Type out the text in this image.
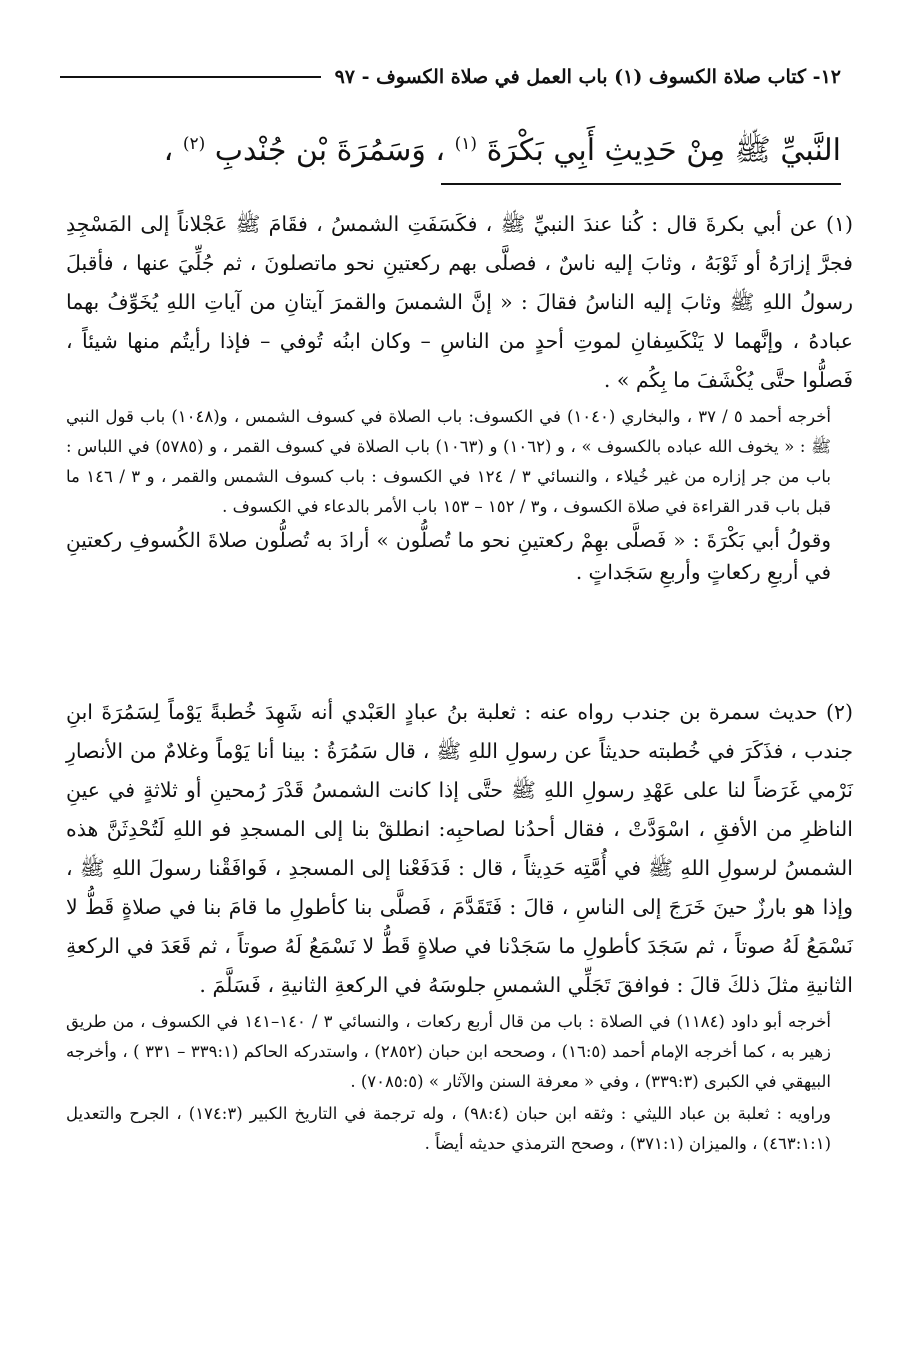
١٢- كتاب صلاة الكسوف (١) باب العمل في صلاة الكسوف - ٩٧
النَّبيِّ ﷺ مِنْ حَدِيثِ أَبِي بَكْرَةَ $^{(١)}$ ، وَسَمُرَةَ بْنِ جُنْدبٍ $^{(٢)}$ ،
(١) عن أبي بكرةَ قال : كُنا عندَ النبيِّ ﷺ ، فكَسَفَتِ الشمسُ ، فقَامَ ﷺ عَجْلاناً إلى المَسْجِدِ فجرَّ إزارَهُ أو ثَوْبَهُ ، وثابَ إليه ناسٌ ، فصلَّى بهم ركعتينِ نحو ماتصلونَ ، ثم جُلِّيَ عنها ، فأقبلَ رسولُ اللهِ ﷺ وثابَ إليه الناسُ فقالَ : « إنَّ الشمسَ والقمرَ آيتانِ من آياتِ اللهِ يُخَوِّفُ بهما عبادهُ ، وإنَّهما لا يَنْكَسِفانِ لموتِ أحدٍ من الناسِ – وكان ابنُه تُوفي – فإذا رأيتُم منها شيئاً ، فَصلُّوا حتَّى يُكْشَفَ ما بِكُم » .
أخرجه أحمد ٥ / ٣٧ ، والبخاري (١٠٤٠) في الكسوف: باب الصلاة في كسوف الشمس ، و(١٠٤٨) باب قول النبي ﷺ : « يخوف الله عباده بالكسوف » ، و (١٠٦٢) و (١٠٦٣) باب الصلاة في كسوف القمر ، و (٥٧٨٥) في اللباس : باب من جر إزاره من غير خُيلاء ، والنسائي ٣ / ١٢٤ في الكسوف : باب كسوف الشمس والقمر ، و ٣ / ١٤٦ ما قبل باب قدر القراءة في صلاة الكسوف ، و٣ / ١٥٢ – ١٥٣ باب الأمر بالدعاء في الكسوف .
وقولُ أبي بَكْرَةَ : « فَصلَّى بهِمْ ركعتينِ نحو ما تُصلُّون » أرادَ به تُصلُّون صلاةَ الكُسوفِ ركعتينِ في أربعِ ركعاتٍ وأربعِ سَجَداتٍ .
(٢) حديث سمرة بن جندب رواه عنه : ثعلبة بنُ عبادٍ العَبْدي أنه شَهِدَ خُطبةً يَوْماً لِسَمُرَةَ ابنِ جندب ، فذَكَرَ في خُطبته حديثاً عن رسولِ اللهِ ﷺ ، قال سَمُرَةُ : بينا أنا يَوْماً وغلامٌ من الأنصارِ نَرْمي غَرَضاً لنا على عَهْدِ رسولِ اللهِ ﷺ حتَّى إذا كانت الشمسُ قَدْرَ رُمحينِ أو ثلاثةٍ في عينِ الناظرِ من الأفقِ ، اسْوَدَّتْ ، فقال أحدُنا لصاحبِه: انطلقْ بنا إلى المسجدِ فو اللهِ لَتُحْدِثَنَّ هذه الشمسُ لرسولِ اللهِ ﷺ في أُمَّتِه حَدِيثاً ، قال : فَدَفَعْنا إلى المسجدِ ، فَوافَقْنا رسولَ اللهِ ﷺ ، وإذا هو بارزٌ حينَ خَرَجَ إلى الناسِ ، قالَ : فَتَقَدَّمَ ، فَصلَّى بنا كأطولِ ما قامَ بنا في صلاةٍ قَطُّ لا نَسْمَعُ لَهُ صوتاً ، ثم سَجَدَ كأطولِ ما سَجَدْنا في صلاةٍ قَطُّ لا نَسْمَعُ لَهُ صوتاً ، ثم قَعَدَ في الركعةِ الثانيةِ مثلَ ذلكَ قالَ : فوافقَ تَجَلِّي الشمسِ جلوسَهُ في الركعةِ الثانيةِ ، فَسَلَّمَ .
أخرجه أبو داود (١١٨٤) في الصلاة : باب من قال أربع ركعات ، والنسائي ٣ / ١٤٠–١٤١ في الكسوف ، من طريق زهير به ، كما أخرجه الإمام أحمد (١٦:٥) ، وصححه ابن حبان (٢٨٥٢) ، واستدركه الحاكم (٣٣٩:١ – ٣٣١ ) ، وأخرجه البيهقي في الكبرى (٣٣٩:٣) ، وفي « معرفة السنن والآثار » (٧٠٨٥:٥) .
وراويه : ثعلبة بن عباد الليثي : وثقه ابن حبان (٩٨:٤) ، وله ترجمة في التاريخ الكبير (١٧٤:٣) ، الجرح والتعديل (٤٦٣:١:١) ، والميزان (٣٧١:١) ، وصحح الترمذي حديثه أيضاً .
